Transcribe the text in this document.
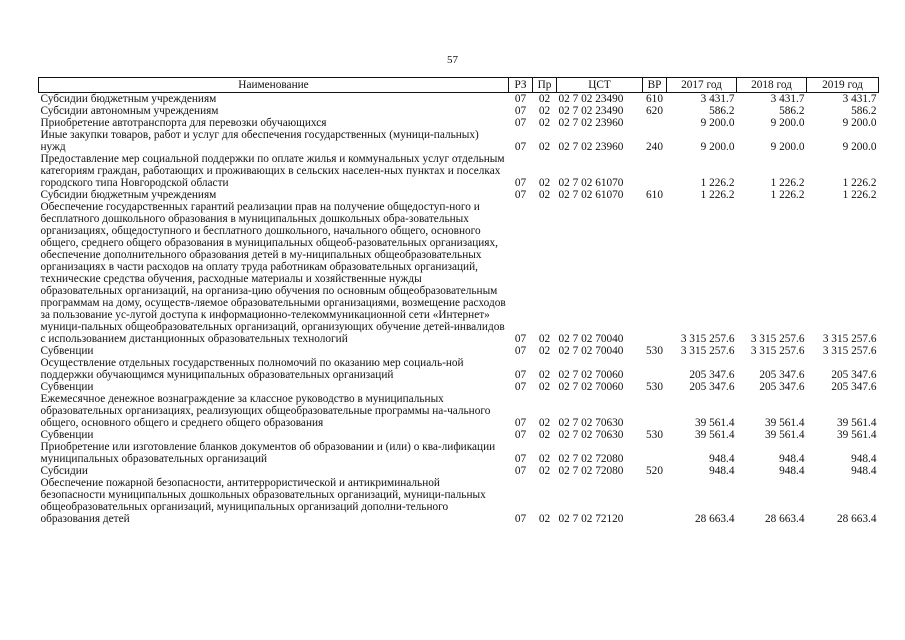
57
Наименование	РЗ	Пр	ЦСТ	ВР	2017 год	2018 год	2019 год
Субсидии бюджетным учреждениям	07	02	02 7 02 23490	610	3 431.7	3 431.7	3 431.7
Субсидии автономным учреждениям	07	02	02 7 02 23490	620	586.2	586.2	586.2
Приобретение автотранспорта для перевозки обучающихся	07	02	02 7 02 23960		9 200.0	9 200.0	9 200.0
Иные закупки товаров, работ и услуг для обеспечения государственных (муници-пальных) нужд	07	02	02 7 02 23960	240	9 200.0	9 200.0	9 200.0
Предоставление мер социальной поддержки по оплате жилья и коммунальных услуг отдельным категориям граждан, работающих и проживающих в сельских населен-ных пунктах и поселках городского типа Новгородской области	07	02	02 7 02 61070		1 226.2	1 226.2	1 226.2
Субсидии бюджетным учреждениям	07	02	02 7 02 61070	610	1 226.2	1 226.2	1 226.2
Обеспечение государственных гарантий реализации прав на получение общедоступ-ного и бесплатного дошкольного образования в муниципальных дошкольных обра-зовательных организациях, общедоступного и бесплатного дошкольного, начального общего, основного общего, среднего общего образования в муниципальных общеоб-разовательных организациях, обеспечение дополнительного образования детей в му-ниципальных общеобразовательных организациях в части расходов на оплату труда работникам образовательных организаций, технические средства обучения, расходные материалы и хозяйственные нужды образовательных организаций, на организа-цию обучения по основным общеобразовательным программам на дому, осуществ-ляемое образовательными организациями, возмещение расходов за пользование ус-лугой доступа к информационно-телекоммуникационной сети «Интернет» муници-пальных общеобразовательных организаций, организующих обучение детей-инвалидов с использованием дистанционных образовательных технологий	07	02	02 7 02 70040		3 315 257.6	3 315 257.6	3 315 257.6
Субвенции	07	02	02 7 02 70040	530	3 315 257.6	3 315 257.6	3 315 257.6
Осуществление отдельных государственных полномочий по оказанию мер социаль-ной поддержки обучающимся муниципальных образовательных организаций	07	02	02 7 02 70060		205 347.6	205 347.6	205 347.6
Субвенции	07	02	02 7 02 70060	530	205 347.6	205 347.6	205 347.6
Ежемесячное денежное вознаграждение за классное руководство в муниципальных образовательных организациях, реализующих общеобразовательные программы на-чального общего, основного общего и среднего общего образования	07	02	02 7 02 70630		39 561.4	39 561.4	39 561.4
Субвенции	07	02	02 7 02 70630	530	39 561.4	39 561.4	39 561.4
Приобретение или изготовление бланков документов об образовании и (или) о ква-лификации муниципальных образовательных организаций	07	02	02 7 02 72080		948.4	948.4	948.4
Субсидии	07	02	02 7 02 72080	520	948.4	948.4	948.4
Обеспечение пожарной безопасности, антитеррористической и антикриминальной безопасности муниципальных дошкольных образовательных организаций, муници-пальных общеобразовательных организаций, муниципальных организаций дополни-тельного образования детей	07	02	02 7 02 72120		28 663.4	28 663.4	28 663.4
